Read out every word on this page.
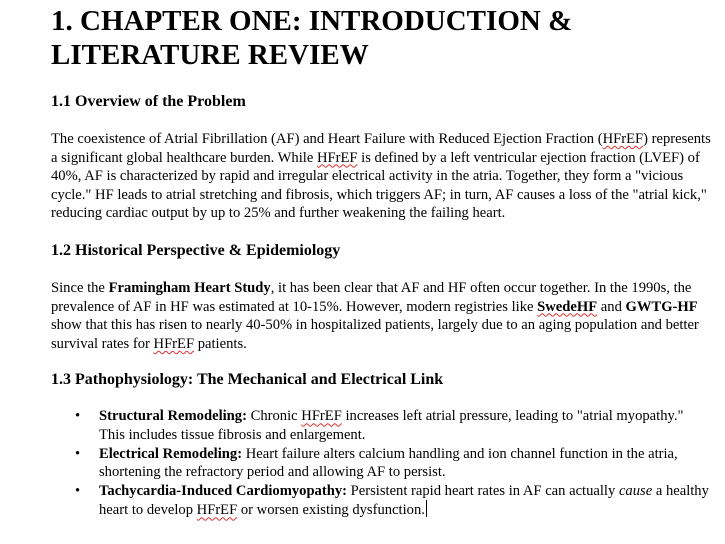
1. CHAPTER ONE: INTRODUCTION &
LITERATURE REVIEW
1.1 Overview of the Problem

The coexistence of Atrial Fibrillation (AF) and Heart Failure with Reduced Ejection Fraction (HFrEF) represents a significant global healthcare burden. While HFrEF is defined by a left ventricular ejection fraction (LVEF) of 40%, AF is characterized by rapid and irregular electrical activity in the atria. Together, they form a "vicious cycle." HF leads to atrial stretching and fibrosis, which triggers AF; in turn, AF causes a loss of the "atrial kick," reducing cardiac output by up to 25% and further weakening the failing heart.

1.2 Historical Perspective & Epidemiology

Since the Framingham Heart Study, it has been clear that AF and HF often occur together. In the 1990s, the prevalence of AF in HF was estimated at 10-15%. However, modern registries like SwedeHF and GWTG-HF show that this has risen to nearly 40-50% in hospitalized patients, largely due to an aging population and better survival rates for HFrEF patients.

1.3 Pathophysiology: The Mechanical and Electrical Link
• Structural Remodeling: Chronic HFrEF increases left atrial pressure, leading to "atrial myopathy." This includes tissue fibrosis and enlargement.
• Electrical Remodeling: Heart failure alters calcium handling and ion channel function in the atria, shortening the refractory period and allowing AF to persist.
• Tachycardia-Induced Cardiomyopathy: Persistent rapid heart rates in AF can actually cause a healthy heart to develop HFrEF or worsen existing dysfunction.
